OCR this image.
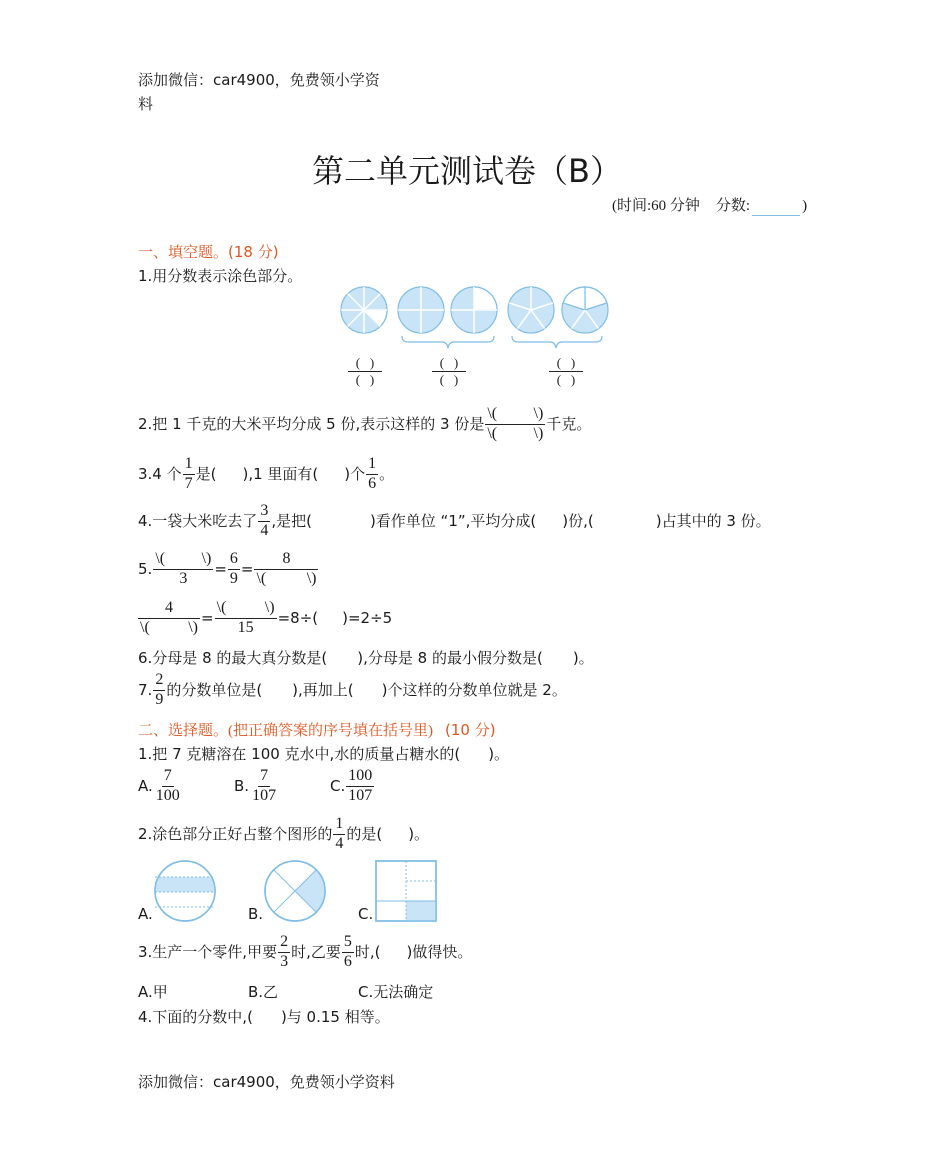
添加微信：car4900，免费领小学资
料
第二单元测试卷（B）
(时间:60 分钟 分数:	)
一、填空题。(18 分)
1.用分数表示涂色部分。
$\frac{( )}{( )}$	$\frac{( )}{( )}$	$\frac{( )}{( )}$
2.把 1 千克的大米平均分成 5 份,表示这样的 3 份是 $\frac{\backslash( \backslash)}{\backslash( \backslash)}$ 千克。
3.4 个 $\frac{1}{7}$ 是( ),1 里面有( )个 $\frac{1}{6}$ 。
4.一袋大米吃去了 $\frac{3}{4}$ ,是把(	)看作单位 “1”,平均分成( )份,(	)占其中的 3 份。
5. $\frac{\backslash( \backslash)}{3} = \frac{6}{9} = 8$
\(	\)
$\frac{4}{\backslash( \backslash)} = \frac{\backslash( \backslash)}{15} =8\div$( )=2÷5
6.分母是 8 的最大真分数是( ),分母是 8 的最小假分数是( )。
7. $\frac{2}{9}$ 的分数单位是( ),再加上( )个这样的分数单位就是 2。
二、选择题。(把正确答案的序号填在括号里) (10 分)
1.把 7 克糖溶在 100 克水中,水的质量占糖水的( )。
A. $\frac{7}{100}$	B. $\frac{7}{107}$	C. $\frac{100}{107}$
2.涂色部分正好占整个图形的 $\frac{1}{4}$ 的是( )。
A.	B.	C.
3.生产一个零件,甲要 $\frac{2}{3}$ 时,乙要 $\frac{5}{6}$ 时,( )做得快。
A.甲	B.乙	C.无法确定
4.下面的分数中,( )与 0.15 相等。
添加微信：car4900，免费领小学资料
